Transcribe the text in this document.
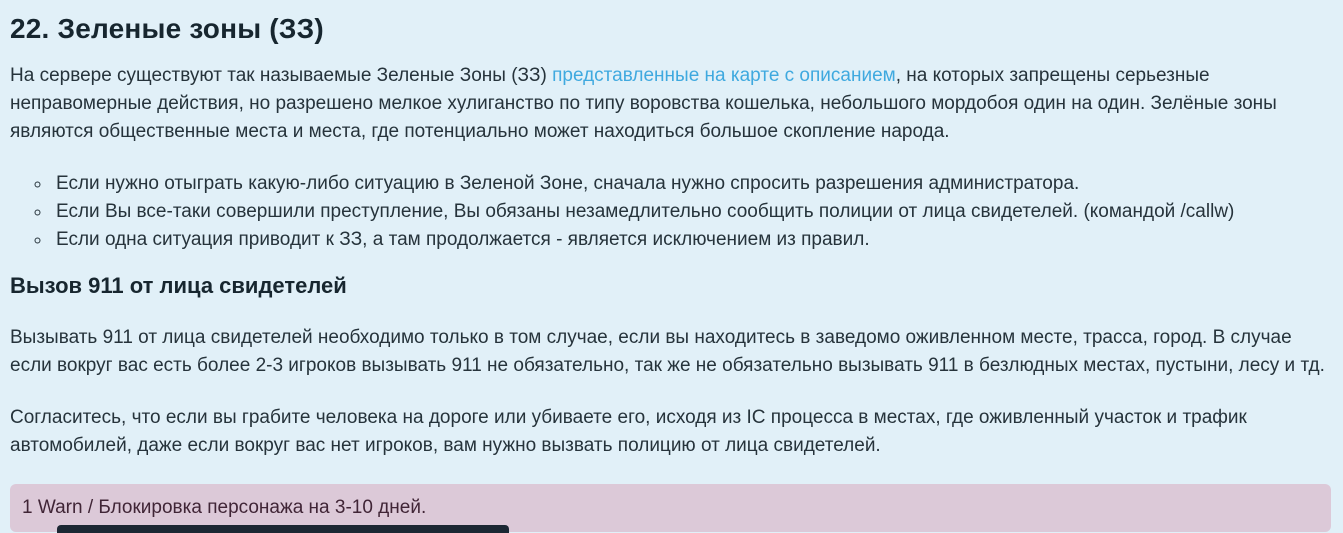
22. Зеленые зоны (ЗЗ)

На сервере существуют так называемые Зеленые Зоны (ЗЗ) представленные на карте с описанием, на которых запрещены серьезные неправомерные действия, но разрешено мелкое хулиганство по типу воровства кошелька, небольшого мордобоя один на один. Зелёные зоны являются общественные места и места, где потенциально может находиться большое скопление народа.

◦ Если нужно отыграть какую-либо ситуацию в Зеленой Зоне, сначала нужно спросить разрешения администратора.
◦ Если Вы все-таки совершили преступление, Вы обязаны незамедлительно сообщить полиции от лица свидетелей. (командой /callw)
◦ Если одна ситуация приводит к ЗЗ, а там продолжается - является исключением из правил.
Вызов 911 от лица свидетелей

Вызывать 911 от лица свидетелей необходимо только в том случае, если вы находитесь в заведомо оживленном месте, трасса, город. В случае если вокруг вас есть более 2-3 игроков вызывать 911 не обязательно, так же не обязательно вызывать 911 в безлюдных местах, пустыни, лесу и тд.

Согласитесь, что если вы грабите человека на дороге или убиваете его, исходя из IC процесса в местах, где оживленный участок и трафик автомобилей, даже если вокруг вас нет игроков, вам нужно вызвать полицию от лица свидетелей.

1 Warn / Блокировка персонажа на 3-10 дней.
